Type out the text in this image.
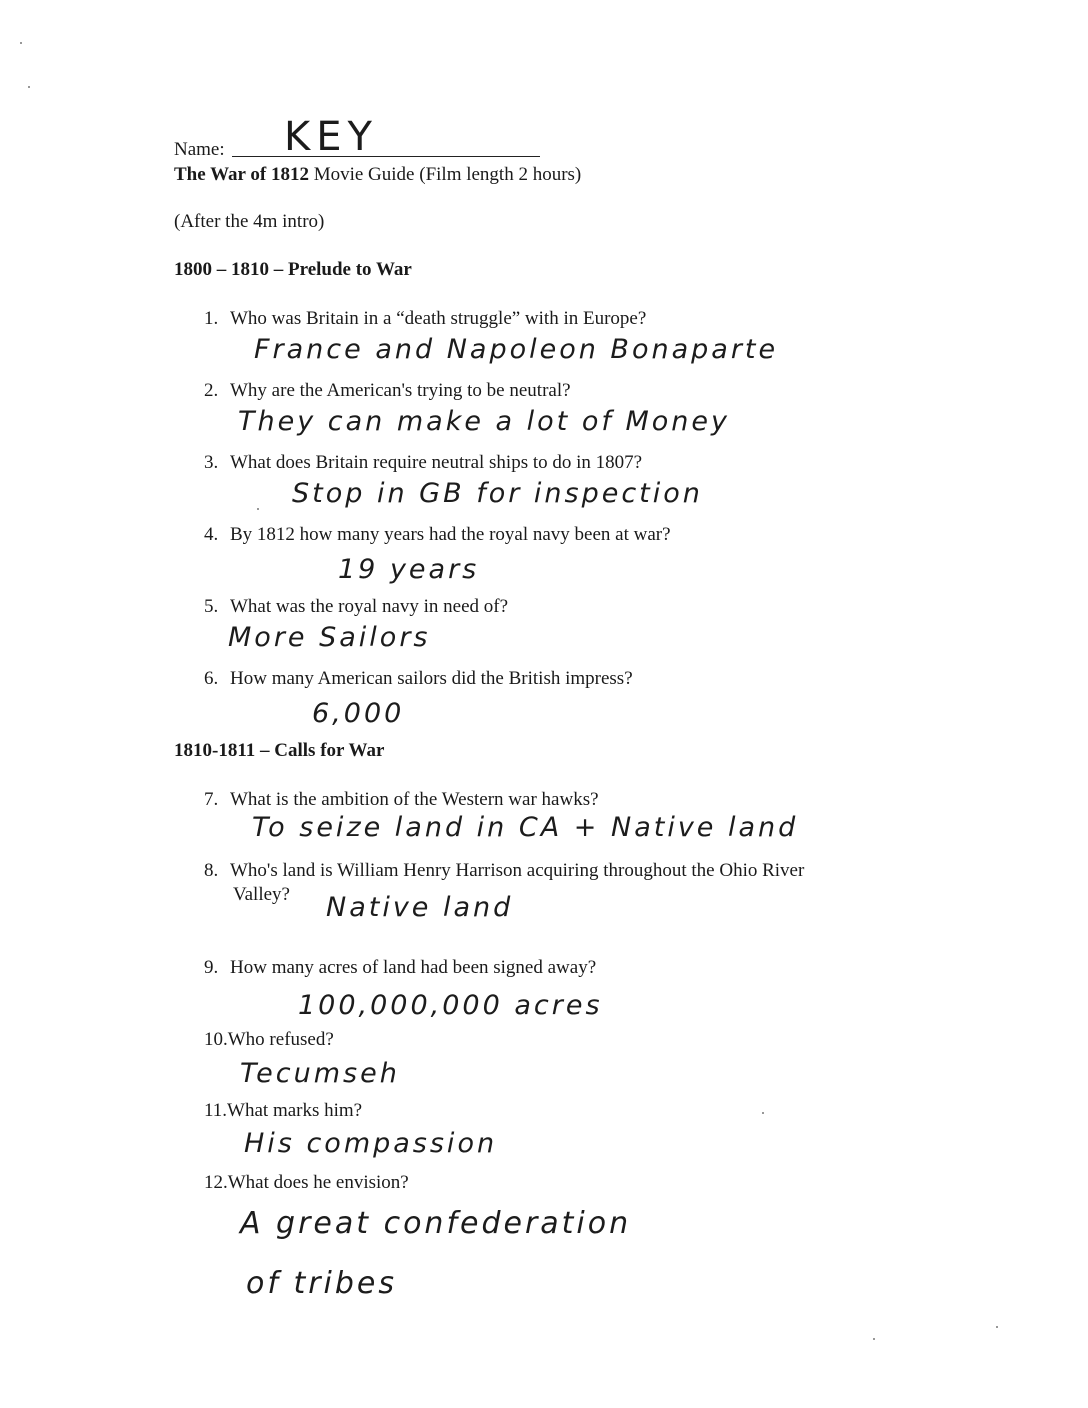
Name: KEY
The War of 1812 Movie Guide (Film length 2 hours)
(After the 4m intro)
1800 – 1810 – Prelude to War
1. Who was Britain in a “death struggle” with in Europe?
France and Napoleon Bonaparte
2. Why are the American's trying to be neutral?
They can make a lot of Money
3. What does Britain require neutral ships to do in 1807?
Stop in GB for inspection
4. By 1812 how many years had the royal navy been at war?
19 years
5. What was the royal navy in need of?
More Sailors
6. How many American sailors did the British impress?
6,000
1810-1811 – Calls for War
7. What is the ambition of the Western war hawks?
To seize land in CA + Native land
8. Who's land is William Henry Harrison acquiring throughout the Ohio River
Valley? Native land
9. How many acres of land had been signed away?
100,000,000 acres
10.Who refused?
Tecumseh
11.What marks him?
His compassion
12.What does he envision?
A great confederation
of tribes
